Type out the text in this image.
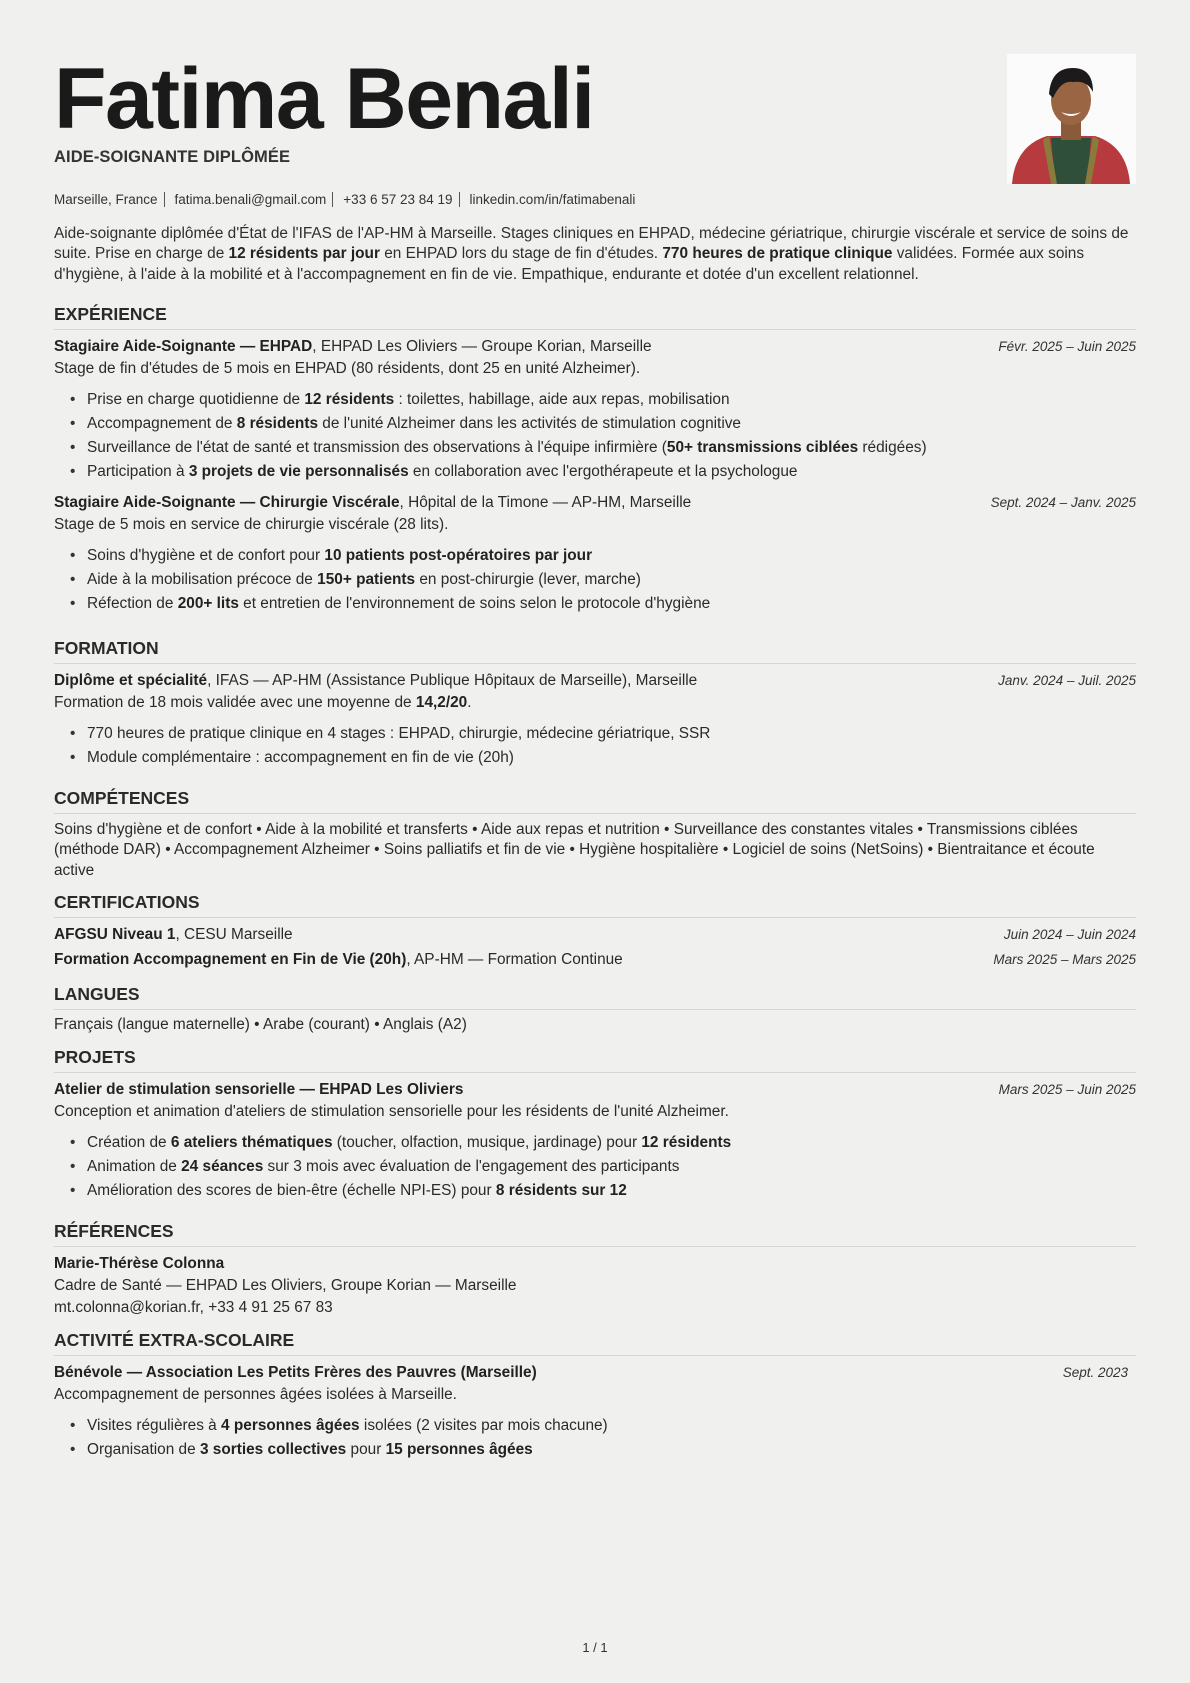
Fatima Benali
AIDE-SOIGNANTE DIPLÔMÉE
Marseille, France fatima.benali@gmail.com +33 6 57 23 84 19 linkedin.com/in/fatimabenali
Aide-soignante diplômée d'État de l'IFAS de l'AP-HM à Marseille. Stages cliniques en EHPAD, médecine gériatrique, chirurgie viscérale et service de soins de suite. Prise en charge de 12 résidents par jour en EHPAD lors du stage de fin d'études. 770 heures de pratique clinique validées. Formée aux soins d'hygiène, à l'aide à la mobilité et à l'accompagnement en fin de vie. Empathique, endurante et dotée d'un excellent relationnel.
EXPÉRIENCE
Stagiaire Aide-Soignante — EHPAD, EHPAD Les Oliviers — Groupe Korian, Marseille	Févr. 2025 – Juin 2025
Stage de fin d'études de 5 mois en EHPAD (80 résidents, dont 25 en unité Alzheimer).
• Prise en charge quotidienne de 12 résidents : toilettes, habillage, aide aux repas, mobilisation
• Accompagnement de 8 résidents de l'unité Alzheimer dans les activités de stimulation cognitive
• Surveillance de l'état de santé et transmission des observations à l'équipe infirmière (50+ transmissions ciblées rédigées)
• Participation à 3 projets de vie personnalisés en collaboration avec l'ergothérapeute et la psychologue
Stagiaire Aide-Soignante — Chirurgie Viscérale, Hôpital de la Timone — AP-HM, Marseille	Sept. 2024 – Janv. 2025
Stage de 5 mois en service de chirurgie viscérale (28 lits).
• Soins d'hygiène et de confort pour 10 patients post-opératoires par jour
• Aide à la mobilisation précoce de 150+ patients en post-chirurgie (lever, marche)
• Réfection de 200+ lits et entretien de l'environnement de soins selon le protocole d'hygiène
FORMATION
Diplôme et spécialité, IFAS — AP-HM (Assistance Publique Hôpitaux de Marseille), Marseille	Janv. 2024 – Juil. 2025
Formation de 18 mois validée avec une moyenne de 14,2/20.
• 770 heures de pratique clinique en 4 stages : EHPAD, chirurgie, médecine gériatrique, SSR
• Module complémentaire : accompagnement en fin de vie (20h)
COMPÉTENCES
Soins d'hygiène et de confort • Aide à la mobilité et transferts • Aide aux repas et nutrition • Surveillance des constantes vitales • Transmissions ciblées (méthode DAR) • Accompagnement Alzheimer • Soins palliatifs et fin de vie • Hygiène hospitalière • Logiciel de soins (NetSoins) • Bientraitance et écoute active
CERTIFICATIONS
AFGSU Niveau 1, CESU Marseille	Juin 2024 – Juin 2024
Formation Accompagnement en Fin de Vie (20h), AP-HM — Formation Continue	Mars 2025 – Mars 2025
LANGUES
Français (langue maternelle) • Arabe (courant) • Anglais (A2)
PROJETS
Atelier de stimulation sensorielle — EHPAD Les Oliviers	Mars 2025 – Juin 2025
Conception et animation d'ateliers de stimulation sensorielle pour les résidents de l'unité Alzheimer.
• Création de 6 ateliers thématiques (toucher, olfaction, musique, jardinage) pour 12 résidents
• Animation de 24 séances sur 3 mois avec évaluation de l'engagement des participants
• Amélioration des scores de bien-être (échelle NPI-ES) pour 8 résidents sur 12
RÉFÉRENCES
Marie-Thérèse Colonna
Cadre de Santé — EHPAD Les Oliviers, Groupe Korian — Marseille
mt.colonna@korian.fr, +33 4 91 25 67 83
ACTIVITÉ EXTRA-SCOLAIRE
Bénévole — Association Les Petits Frères des Pauvres (Marseille)	Sept. 2023
Accompagnement de personnes âgées isolées à Marseille.
• Visites régulières à 4 personnes âgées isolées (2 visites par mois chacune)
• Organisation de 3 sorties collectives pour 15 personnes âgées
1 / 1
